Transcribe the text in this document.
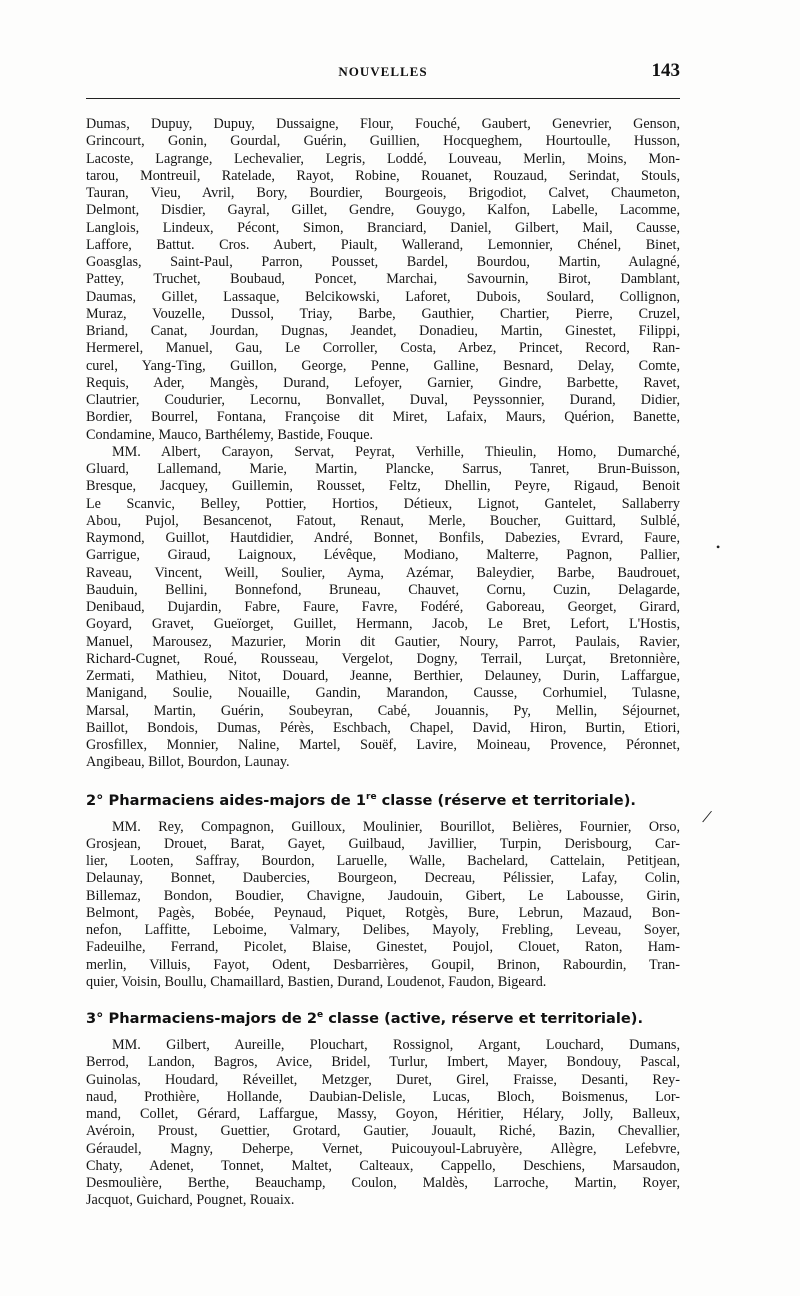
NOUVELLES	143
•
/
Dumas, Dupuy, Dupuy, Dussaigne, Flour, Fouché, Gaubert, Genevrier, Genson,
Grincourt, Gonin, Gourdal, Guérin, Guillien, Hocqueghem, Hourtoulle, Husson,
Lacoste, Lagrange, Lechevalier, Legris, Loddé, Louveau, Merlin, Moins, Mon-
tarou, Montreuil, Ratelade, Rayot, Robine, Rouanet, Rouzaud, Serindat, Stouls,
Tauran, Vieu, Avril, Bory, Bourdier, Bourgeois, Brigodiot, Calvet, Chaumeton,
Delmont, Disdier, Gayral, Gillet, Gendre, Gouygo, Kalfon, Labelle, Lacomme,
Langlois, Lindeux, Pécont, Simon, Branciard, Daniel, Gilbert, Mail, Causse,
Laffore, Battut. Cros. Aubert, Piault, Wallerand, Lemonnier, Chénel, Binet,
Goasglas, Saint-Paul, Parron, Pousset, Bardel, Bourdou, Martin, Aulagné,
Pattey, Truchet, Boubaud, Poncet, Marchai, Savournin, Birot, Damblant,
Daumas, Gillet, Lassaque, Belcikowski, Laforet, Dubois, Soulard, Collignon,
Muraz, Vouzelle, Dussol, Triay, Barbe, Gauthier, Chartier, Pierre, Cruzel,
Briand, Canat, Jourdan, Dugnas, Jeandet, Donadieu, Martin, Ginestet, Filippi,
Hermerel, Manuel, Gau, Le Corroller, Costa, Arbez, Princet, Record, Ran-
curel, Yang-Ting, Guillon, George, Penne, Galline, Besnard, Delay, Comte,
Requis, Ader, Mangès, Durand, Lefoyer, Garnier, Gindre, Barbette, Ravet,
Clautrier, Coudurier, Lecornu, Bonvallet, Duval, Peyssonnier, Durand, Didier,
Bordier, Bourrel, Fontana, Françoise dit Miret, Lafaix, Maurs, Quérion, Banette,
Condamine, Mauco, Barthélemy, Bastide, Fouque.
MM. Albert, Carayon, Servat, Peyrat, Verhille, Thieulin, Homo, Dumarché,
Gluard, Lallemand, Marie, Martin, Plancke, Sarrus, Tanret, Brun-Buisson,
Bresque, Jacquey, Guillemin, Rousset, Feltz, Dhellin, Peyre, Rigaud, Benoit
Le Scanvic, Belley, Pottier, Hortios, Détieux, Lignot, Gantelet, Sallaberry
Abou, Pujol, Besancenot, Fatout, Renaut, Merle, Boucher, Guittard, Sulblé,
Raymond, Guillot, Hautdidier, André, Bonnet, Bonfils, Dabezies, Evrard, Faure,
Garrigue, Giraud, Laignoux, Lévêque, Modiano, Malterre, Pagnon, Pallier,
Raveau, Vincent, Weill, Soulier, Ayma, Azémar, Baleydier, Barbe, Baudrouet,
Bauduin, Bellini, Bonnefond, Bruneau, Chauvet, Cornu, Cuzin, Delagarde,
Denibaud, Dujardin, Fabre, Faure, Favre, Fodéré, Gaboreau, Georget, Girard,
Goyard, Gravet, Gueïorget, Guillet, Hermann, Jacob, Le Bret, Lefort, L'Hostis,
Manuel, Marousez, Mazurier, Morin dit Gautier, Noury, Parrot, Paulais, Ravier,
Richard-Cugnet, Roué, Rousseau, Vergelot, Dogny, Terrail, Lurçat, Bretonnière,
Zermati, Mathieu, Nitot, Douard, Jeanne, Berthier, Delauney, Durin, Laffargue,
Manigand, Soulie, Nouaille, Gandin, Marandon, Causse, Corhumiel, Tulasne,
Marsal, Martin, Guérin, Soubeyran, Cabé, Jouannis, Py, Mellin, Séjournet,
Baillot, Bondois, Dumas, Pérès, Eschbach, Chapel, David, Hiron, Burtin, Etiori,
Grosfillex, Monnier, Naline, Martel, Souëf, Lavire, Moineau, Provence, Péronnet,
Angibeau, Billot, Bourdon, Launay.
2° Pharmaciens aides-majors de 1re classe (réserve et territoriale).
MM. Rey, Compagnon, Guilloux, Moulinier, Bourillot, Belières, Fournier, Orso,
Grosjean, Drouet, Barat, Gayet, Guilbaud, Javillier, Turpin, Derisbourg, Car-
lier, Looten, Saffray, Bourdon, Laruelle, Walle, Bachelard, Cattelain, Petitjean,
Delaunay, Bonnet, Daubercies, Bourgeon, Decreau, Pélissier, Lafay, Colin,
Billemaz, Bondon, Boudier, Chavigne, Jaudouin, Gibert, Le Labousse, Girin,
Belmont, Pagès, Bobée, Peynaud, Piquet, Rotgès, Bure, Lebrun, Mazaud, Bon-
nefon, Laffitte, Leboime, Valmary, Delibes, Mayoly, Frebling, Leveau, Soyer,
Fadeuilhe, Ferrand, Picolet, Blaise, Ginestet, Poujol, Clouet, Raton, Ham-
merlin, Villuis, Fayot, Odent, Desbarrières, Goupil, Brinon, Rabourdin, Tran-
quier, Voisin, Boullu, Chamaillard, Bastien, Durand, Loudenot, Faudon, Bigeard.
3° Pharmaciens-majors de 2e classe (active, réserve et territoriale).
MM. Gilbert, Aureille, Plouchart, Rossignol, Argant, Louchard, Dumans,
Berrod, Landon, Bagros, Avice, Bridel, Turlur, Imbert, Mayer, Bondouy, Pascal,
Guinolas, Houdard, Réveillet, Metzger, Duret, Girel, Fraisse, Desanti, Rey-
naud, Prothière, Hollande, Daubian-Delisle, Lucas, Bloch, Boismenus, Lor-
mand, Collet, Gérard, Laffargue, Massy, Goyon, Héritier, Hélary, Jolly, Balleux,
Avéroin, Proust, Guettier, Grotard, Gautier, Jouault, Riché, Bazin, Chevallier,
Géraudel, Magny, Deherpe, Vernet, Puicouyoul-Labruyère, Allègre, Lefebvre,
Chaty, Adenet, Tonnet, Maltet, Calteaux, Cappello, Deschiens, Marsaudon,
Desmoulière, Berthe, Beauchamp, Coulon, Maldès, Larroche, Martin, Royer,
Jacquot, Guichard, Pougnet, Rouaix.
